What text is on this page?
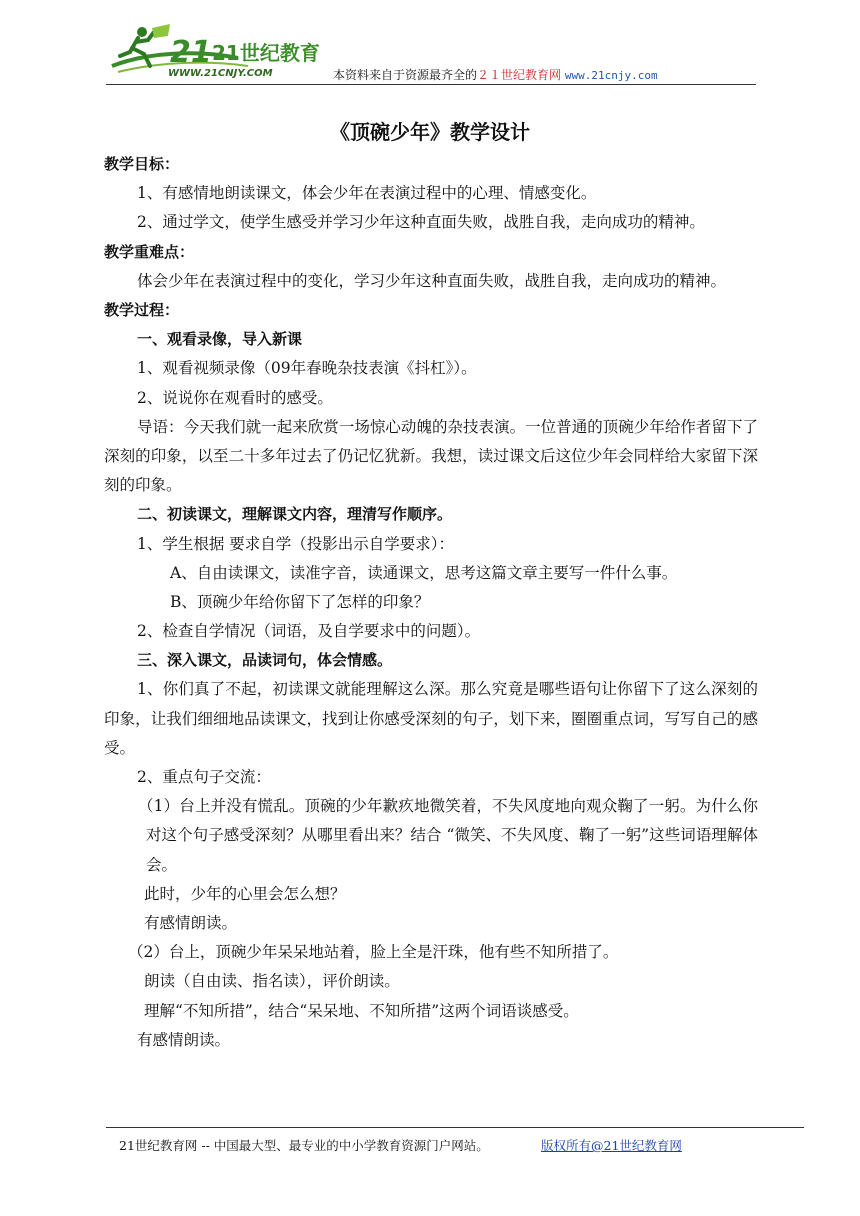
21 21世纪教育
WWW.21CNJY.COM	本资料来自于资源最齐全的２１世纪教育网 www.21cnjy.com
《顶碗少年》教学设计
教学目标：
1、有感情地朗读课文，体会少年在表演过程中的心理、情感变化。
2、通过学文，使学生感受并学习少年这种直面失败，战胜自我，走向成功的精神。
教学重难点：
体会少年在表演过程中的变化，学习少年这种直面失败，战胜自我，走向成功的精神。
教学过程：
一、观看录像，导入新课
1、观看视频录像（09年春晚杂技表演《抖杠》）。
2、说说你在观看时的感受。
导语：今天我们就一起来欣赏一场惊心动魄的杂技表演。一位普通的顶碗少年给作者留下了深刻的印象，以至二十多年过去了仍记忆犹新。我想，读过课文后这位少年会同样给大家留下深刻的印象。
二、初读课文，理解课文内容，理清写作顺序。
1、学生根据 要求自学（投影出示自学要求）：
A、自由读课文，读准字音，读通课文，思考这篇文章主要写一件什么事。
B、顶碗少年给你留下了怎样的印象？
2、检查自学情况（词语，及自学要求中的问题）。
三、深入课文，品读词句，体会情感。
1、你们真了不起，初读课文就能理解这么深。那么究竟是哪些语句让你留下了这么深刻的印象，让我们细细地品读课文，找到让你感受深刻的句子，划下来，圈圈重点词，写写自己的感受。
2、重点句子交流：
（1）台上并没有慌乱。顶碗的少年歉疚地微笑着，不失风度地向观众鞠了一躬。为什么你对这个句子感受深刻？从哪里看出来？结合 “微笑、不失风度、鞠了一躬”这些词语理解体会。
此时，少年的心里会怎么想？
有感情朗读。
（2）台上，顶碗少年呆呆地站着，脸上全是汗珠，他有些不知所措了。
朗读（自由读、指名读），评价朗读。
理解“不知所措”，结合“呆呆地、不知所措”这两个词语谈感受。
有感情朗读。
21世纪教育网 -- 中国最大型、最专业的中小学教育资源门户网站。	版权所有@21世纪教育网
